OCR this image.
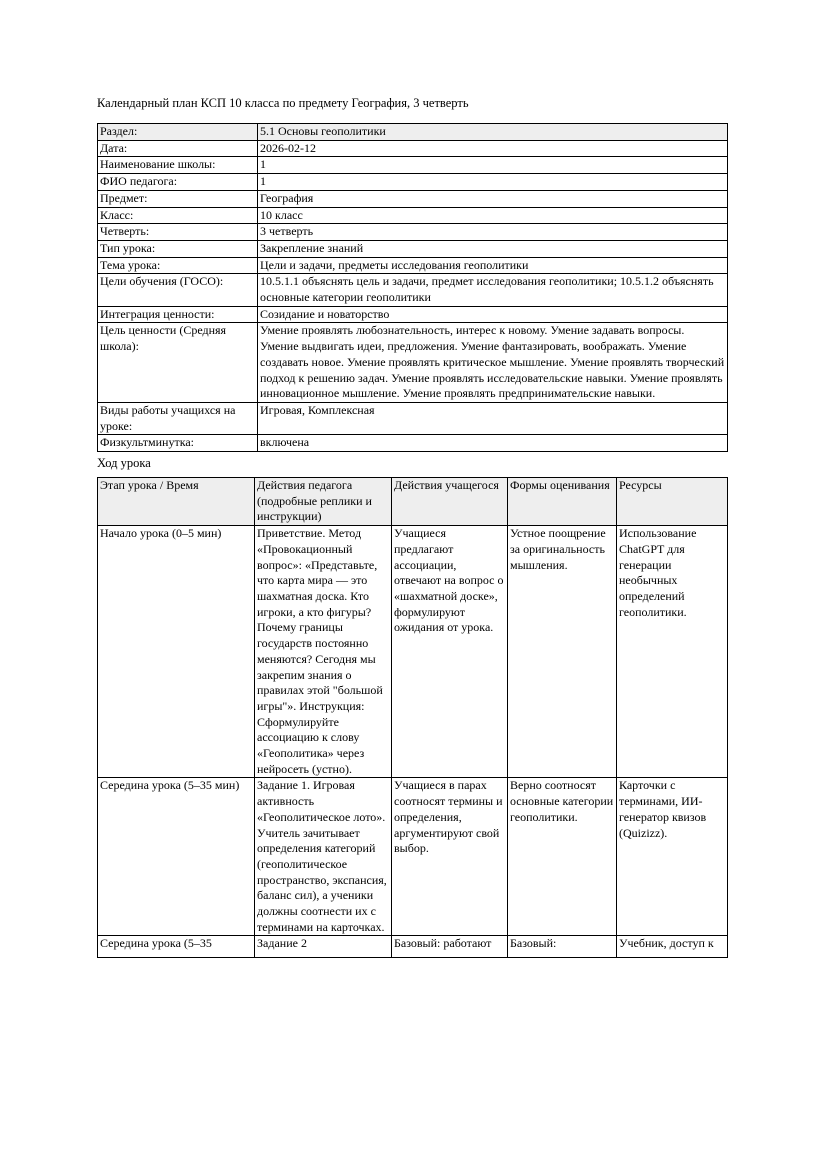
Календарный план КСП 10 класса по предмету География, 3 четверть
Раздел:	5.1 Основы геополитики
Дата:	2026-02-12
Наименование школы:	1
ФИО педагога:	1
Предмет:	География
Класс:	10 класс
Четверть:	3 четверть
Тип урока:	Закрепление знаний
Тема урока:	Цели и задачи, предметы исследования геополитики
Цели обучения (ГОСО):	10.5.1.1 объяснять цель и задачи, предмет исследования геополитики; 10.5.1.2 объяснять основные категории геополитики
Интеграция ценности:	Созидание и новаторство
Цель ценности (Средняя школа):	Умение проявлять любознательность, интерес к новому. Умение задавать вопросы. Умение выдвигать идеи, предложения. Умение фантазировать, воображать. Умение создавать новое. Умение проявлять критическое мышление. Умение проявлять творческий подход к решению задач. Умение проявлять исследовательские навыки. Умение проявлять инновационное мышление. Умение проявлять предпринимательские навыки.
Виды работы учащихся на уроке:	Игровая, Комплексная
Физкультминутка:	включена
Ход урока
Этап урока / Время	Действия педагога (подробные реплики и инструкции)	Действия учащегося	Формы оценивания	Ресурсы
Начало урока (0–5 мин)	Приветствие. Метод «Провокационный вопрос»: «Представьте, что карта мира — это шахматная доска. Кто игроки, а кто фигуры? Почему границы государств постоянно меняются? Сегодня мы закрепим знания о правилах этой "большой игры"». Инструкция: Сформулируйте ассоциацию к слову «Геополитика» через нейросеть (устно).	Учащиеся предлагают ассоциации, отвечают на вопрос о «шахматной доске», формулируют ожидания от урока.	Устное поощрение за оригинальность мышления.	Использование ChatGPT для генерации необычных определений геополитики.
Середина урока (5–35 мин)	Задание 1. Игровая активность «Геополитическое лото». Учитель зачитывает определения категорий (геополитическое пространство, экспансия, баланс сил), а ученики должны соотнести их с терминами на карточках.	Учащиеся в парах соотносят термины и определения, аргументируют свой выбор.	Верно соотносят основные категории геополитики.	Карточки с терминами, ИИ-генератор квизов (Quizizz).
Середина урока (5–35	Задание 2	Базовый: работают	Базовый:	Учебник, доступ к
